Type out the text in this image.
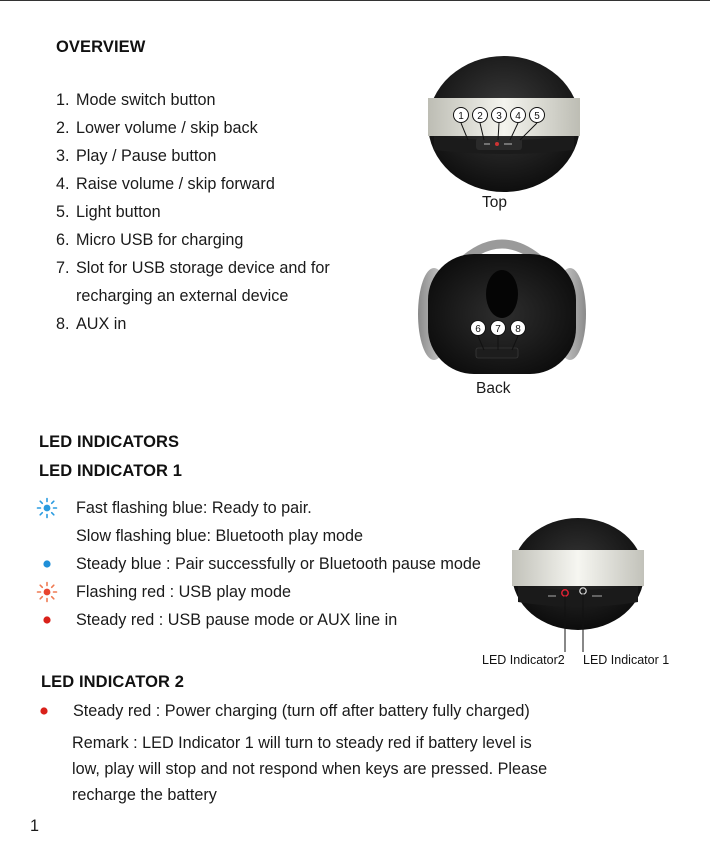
OVERVIEW
1. Mode switch button
2. Lower volume / skip back
3. Play / Pause button
4. Raise volume / skip forward
5. Light button
6. Micro USB for charging
7. Slot for USB storage device and for
recharging an external device
8. AUX in
1 2 3 4 5
Top
6 7 8
Back
LED INDICATORS
LED INDICATOR 1
Fast flashing blue: Ready to pair.
Slow flashing blue: Bluetooth play mode
Steady blue : Pair successfully or Bluetooth pause mode
Flashing red : USB play mode
Steady red : USB pause mode or AUX line in
LED Indicator2 LED Indicator 1
LED INDICATOR 2
Steady red : Power charging (turn off after battery fully charged)
Remark : LED Indicator 1 will turn to steady red if battery level is
low, play will stop and not respond when keys are pressed. Please
recharge the battery
1
